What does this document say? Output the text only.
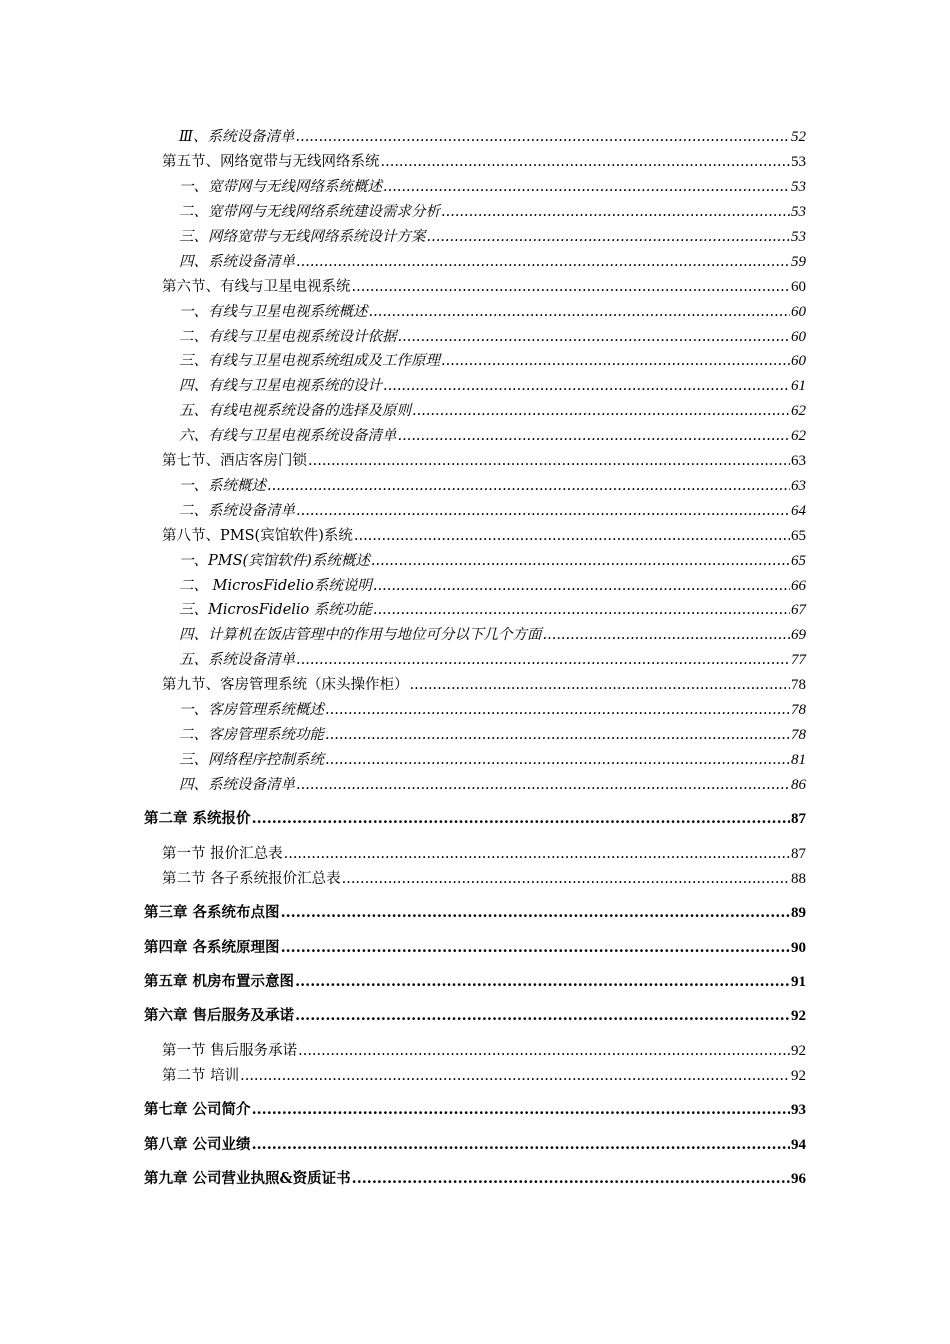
Ⅲ、系统设备清单 .....	52
第五节、网络宽带与无线网络系统 .....	53
一、宽带网与无线网络系统概述 .....	53
二、宽带网与无线网络系统建设需求分析 .....	53
三、网络宽带与无线网络系统设计方案 .....	53
四、系统设备清单 .....	59
第六节、有线与卫星电视系统 .....	60
一、有线与卫星电视系统概述 .....	60
二、有线与卫星电视系统设计依据 .....	60
三、有线与卫星电视系统组成及工作原理 .....	60
四、有线与卫星电视系统的设计 .....	61
五、有线电视系统设备的选择及原则 .....	62
六、有线与卫星电视系统设备清单 .....	62
第七节、酒店客房门锁 .....	63
一、系统概述 .....	63
二、系统设备清单 .....	64
第八节、PMS(宾馆软件)系统 .....	65
一、PMS(宾馆软件)系统概述 .....	65
二、 MicrosFidelio系统说明 .....	66
三、MicrosFidelio 系统功能 .....	67
四、计算机在饭店管理中的作用与地位可分以下几个方面 .....	69
五、系统设备清单 .....	77
第九节、客房管理系统（床头操作柜） .....	78
一、客房管理系统概述 .....	78
二、客房管理系统功能 .....	78
三、网络程序控制系统 .....	81
四、系统设备清单 .....	86
第二章 系统报价 .....	87
第一节 报价汇总表 .....	87
第二节 各子系统报价汇总表 .....	88
第三章 各系统布点图 .....	89
第四章 各系统原理图 .....	90
第五章 机房布置示意图 .....	91
第六章 售后服务及承诺 .....	92
第一节 售后服务承诺 .....	92
第二节 培训 .....	92
第七章 公司简介 .....	93
第八章 公司业绩 .....	94
第九章 公司营业执照&资质证书 .....	96
